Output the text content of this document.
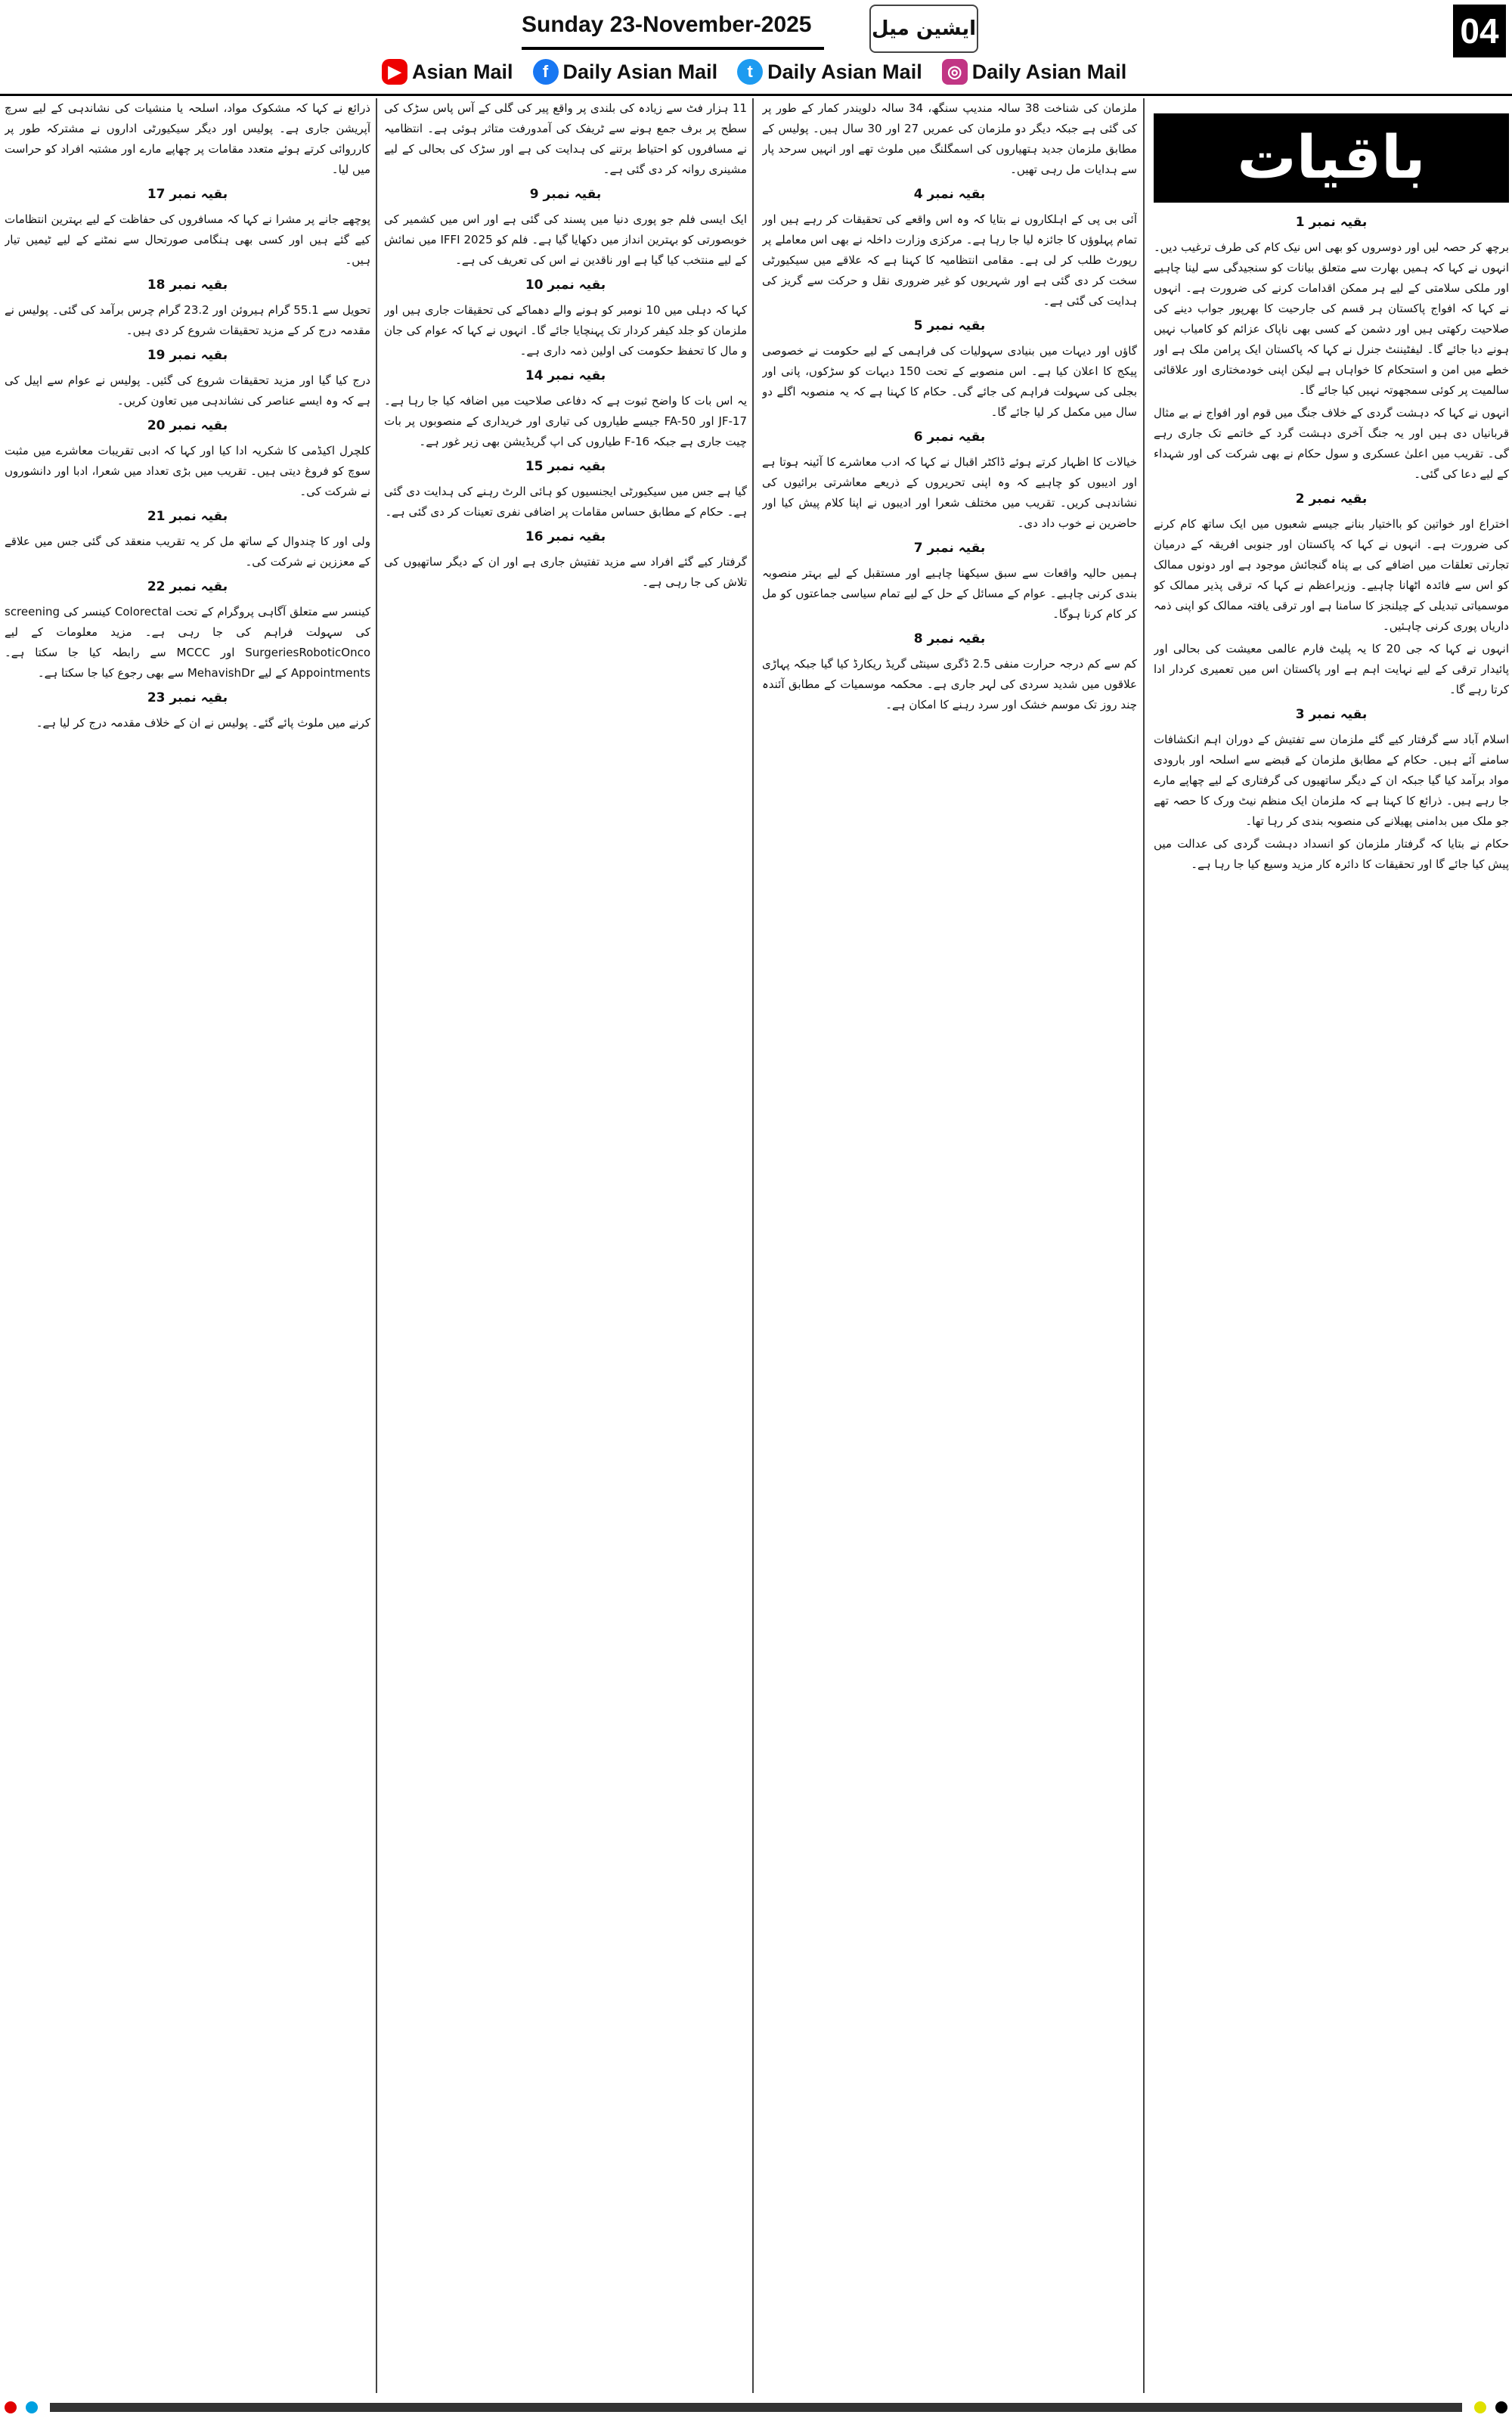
Sunday 23-November-2025	ایشین میل	04
▶ Asian Mail	f Daily Asian Mail	t Daily Asian Mail	◎ Daily Asian Mail
باقیات
بقیہ نمبر 1

برچھ کر حصہ لیں اور دوسروں کو بھی اس نیک کام کی طرف ترغیب دیں۔ انہوں نے کہا کہ ہمیں بھارت سے متعلق بیانات کو سنجیدگی سے لینا چاہیے اور ملکی سلامتی کے لیے ہر ممکن اقدامات کرنے کی ضرورت ہے۔ انہوں نے کہا کہ افواج پاکستان ہر قسم کی جارحیت کا بھرپور جواب دینے کی صلاحیت رکھتی ہیں اور دشمن کے کسی بھی ناپاک عزائم کو کامیاب نہیں ہونے دیا جائے گا۔ لیفٹیننٹ جنرل نے کہا کہ پاکستان ایک پرامن ملک ہے اور خطے میں امن و استحکام کا خواہاں ہے لیکن اپنی خودمختاری اور علاقائی سالمیت پر کوئی سمجھوتہ نہیں کیا جائے گا۔

انہوں نے کہا کہ دہشت گردی کے خلاف جنگ میں قوم اور افواج نے بے مثال قربانیاں دی ہیں اور یہ جنگ آخری دہشت گرد کے خاتمے تک جاری رہے گی۔ تقریب میں اعلیٰ عسکری و سول حکام نے بھی شرکت کی اور شہداء کے لیے دعا کی گئی۔

بقیہ نمبر 2

اختراع اور خواتین کو بااختیار بنانے جیسے شعبوں میں ایک ساتھ کام کرنے کی ضرورت ہے۔ انہوں نے کہا کہ پاکستان اور جنوبی افریقہ کے درمیان تجارتی تعلقات میں اضافے کی بے پناہ گنجائش موجود ہے اور دونوں ممالک کو اس سے فائدہ اٹھانا چاہیے۔ وزیراعظم نے کہا کہ ترقی پذیر ممالک کو موسمیاتی تبدیلی کے چیلنجز کا سامنا ہے اور ترقی یافتہ ممالک کو اپنی ذمہ داریاں پوری کرنی چاہئیں۔

انہوں نے کہا کہ جی 20 کا یہ پلیٹ فارم عالمی معیشت کی بحالی اور پائیدار ترقی کے لیے نہایت اہم ہے اور پاکستان اس میں تعمیری کردار ادا کرتا رہے گا۔

بقیہ نمبر 3

اسلام آباد سے گرفتار کیے گئے ملزمان سے تفتیش کے دوران اہم انکشافات سامنے آئے ہیں۔ حکام کے مطابق ملزمان کے قبضے سے اسلحہ اور بارودی مواد برآمد کیا گیا جبکہ ان کے دیگر ساتھیوں کی گرفتاری کے لیے چھاپے مارے جا رہے ہیں۔ ذرائع کا کہنا ہے کہ ملزمان ایک منظم نیٹ ورک کا حصہ تھے جو ملک میں بدامنی پھیلانے کی منصوبہ بندی کر رہا تھا۔

حکام نے بتایا کہ گرفتار ملزمان کو انسداد دہشت گردی کی عدالت میں پیش کیا جائے گا اور تحقیقات کا دائرہ کار مزید وسیع کیا جا رہا ہے۔

ملزمان کی شناخت 38 سالہ مندیپ سنگھ، 34 سالہ دلویندر کمار کے طور پر کی گئی ہے جبکہ دیگر دو ملزمان کی عمریں 27 اور 30 سال ہیں۔ پولیس کے مطابق ملزمان جدید ہتھیاروں کی اسمگلنگ میں ملوث تھے اور انہیں سرحد پار سے ہدایات مل رہی تھیں۔

بقیہ نمبر 4

آئی بی پی کے اہلکاروں نے بتایا کہ وہ اس واقعے کی تحقیقات کر رہے ہیں اور تمام پہلوؤں کا جائزہ لیا جا رہا ہے۔ مرکزی وزارت داخلہ نے بھی اس معاملے پر رپورٹ طلب کر لی ہے۔ مقامی انتظامیہ کا کہنا ہے کہ علاقے میں سیکیورٹی سخت کر دی گئی ہے اور شہریوں کو غیر ضروری نقل و حرکت سے گریز کی ہدایت کی گئی ہے۔

بقیہ نمبر 5

گاؤں اور دیہات میں بنیادی سہولیات کی فراہمی کے لیے حکومت نے خصوصی پیکج کا اعلان کیا ہے۔ اس منصوبے کے تحت 150 دیہات کو سڑکوں، پانی اور بجلی کی سہولت فراہم کی جائے گی۔ حکام کا کہنا ہے کہ یہ منصوبہ اگلے دو سال میں مکمل کر لیا جائے گا۔

بقیہ نمبر 6

خیالات کا اظہار کرتے ہوئے ڈاکٹر اقبال نے کہا کہ ادب معاشرے کا آئینہ ہوتا ہے اور ادیبوں کو چاہیے کہ وہ اپنی تحریروں کے ذریعے معاشرتی برائیوں کی نشاندہی کریں۔ تقریب میں مختلف شعرا اور ادیبوں نے اپنا کلام پیش کیا اور حاضرین نے خوب داد دی۔

بقیہ نمبر 7

ہمیں حالیہ واقعات سے سبق سیکھنا چاہیے اور مستقبل کے لیے بہتر منصوبہ بندی کرنی چاہیے۔ عوام کے مسائل کے حل کے لیے تمام سیاسی جماعتوں کو مل کر کام کرنا ہوگا۔

بقیہ نمبر 8

کم سے کم درجہ حرارت منفی 2.5 ڈگری سینٹی گریڈ ریکارڈ کیا گیا جبکہ پہاڑی علاقوں میں شدید سردی کی لہر جاری ہے۔ محکمہ موسمیات کے مطابق آئندہ چند روز تک موسم خشک اور سرد رہنے کا امکان ہے۔

11 ہزار فٹ سے زیادہ کی بلندی پر واقع پیر کی گلی کے آس پاس سڑک کی سطح پر برف جمع ہونے سے ٹریفک کی آمدورفت متاثر ہوئی ہے۔ انتظامیہ نے مسافروں کو احتیاط برتنے کی ہدایت کی ہے اور سڑک کی بحالی کے لیے مشینری روانہ کر دی گئی ہے۔

بقیہ نمبر 9

ایک ایسی فلم جو پوری دنیا میں پسند کی گئی ہے اور اس میں کشمیر کی خوبصورتی کو بہترین انداز میں دکھایا گیا ہے۔ فلم کو 2025 IFFI میں نمائش کے لیے منتخب کیا گیا ہے اور ناقدین نے اس کی تعریف کی ہے۔

بقیہ نمبر 10

کہا کہ دہلی میں 10 نومبر کو ہونے والے دھماکے کی تحقیقات جاری ہیں اور ملزمان کو جلد کیفر کردار تک پہنچایا جائے گا۔ انہوں نے کہا کہ عوام کی جان و مال کا تحفظ حکومت کی اولین ذمہ داری ہے۔

بقیہ نمبر 14

یہ اس بات کا واضح ثبوت ہے کہ دفاعی صلاحیت میں اضافہ کیا جا رہا ہے۔ JF-17 اور FA-50 جیسے طیاروں کی تیاری اور خریداری کے منصوبوں پر بات چیت جاری ہے جبکہ F-16 طیاروں کی اپ گریڈیشن بھی زیر غور ہے۔

بقیہ نمبر 15

گیا ہے جس میں سیکیورٹی ایجنسیوں کو ہائی الرٹ رہنے کی ہدایت دی گئی ہے۔ حکام کے مطابق حساس مقامات پر اضافی نفری تعینات کر دی گئی ہے۔

بقیہ نمبر 16

گرفتار کیے گئے افراد سے مزید تفتیش جاری ہے اور ان کے دیگر ساتھیوں کی تلاش کی جا رہی ہے۔

ذرائع نے کہا کہ مشکوک مواد، اسلحہ یا منشیات کی نشاندہی کے لیے سرچ آپریشن جاری ہے۔ پولیس اور دیگر سیکیورٹی اداروں نے مشترکہ طور پر کارروائی کرتے ہوئے متعدد مقامات پر چھاپے مارے اور مشتبہ افراد کو حراست میں لیا۔

بقیہ نمبر 17

پوچھے جانے پر مشرا نے کہا کہ مسافروں کی حفاظت کے لیے بہترین انتظامات کیے گئے ہیں اور کسی بھی ہنگامی صورتحال سے نمٹنے کے لیے ٹیمیں تیار ہیں۔

بقیہ نمبر 18

تحویل سے 55.1 گرام ہیروئن اور 23.2 گرام چرس برآمد کی گئی۔ پولیس نے مقدمہ درج کر کے مزید تحقیقات شروع کر دی ہیں۔

بقیہ نمبر 19

درج کیا گیا اور مزید تحقیقات شروع کی گئیں۔ پولیس نے عوام سے اپیل کی ہے کہ وہ ایسے عناصر کی نشاندہی میں تعاون کریں۔

بقیہ نمبر 20

کلچرل اکیڈمی کا شکریہ ادا کیا اور کہا کہ ادبی تقریبات معاشرے میں مثبت سوچ کو فروغ دیتی ہیں۔ تقریب میں بڑی تعداد میں شعرا، ادبا اور دانشوروں نے شرکت کی۔

بقیہ نمبر 21

ولی اور کا چندوال کے ساتھ مل کر یہ تقریب منعقد کی گئی جس میں علاقے کے معززین نے شرکت کی۔

بقیہ نمبر 22

کینسر سے متعلق آگاہی پروگرام کے تحت Colorectal کینسر کی screening کی سہولت فراہم کی جا رہی ہے۔ مزید معلومات کے لیے SurgeriesRoboticOnco اور MCCC سے رابطہ کیا جا سکتا ہے۔ Appointments کے لیے MehavishDr سے بھی رجوع کیا جا سکتا ہے۔

بقیہ نمبر 23

کرنے میں ملوث پائے گئے۔ پولیس نے ان کے خلاف مقدمہ درج کر لیا ہے۔
